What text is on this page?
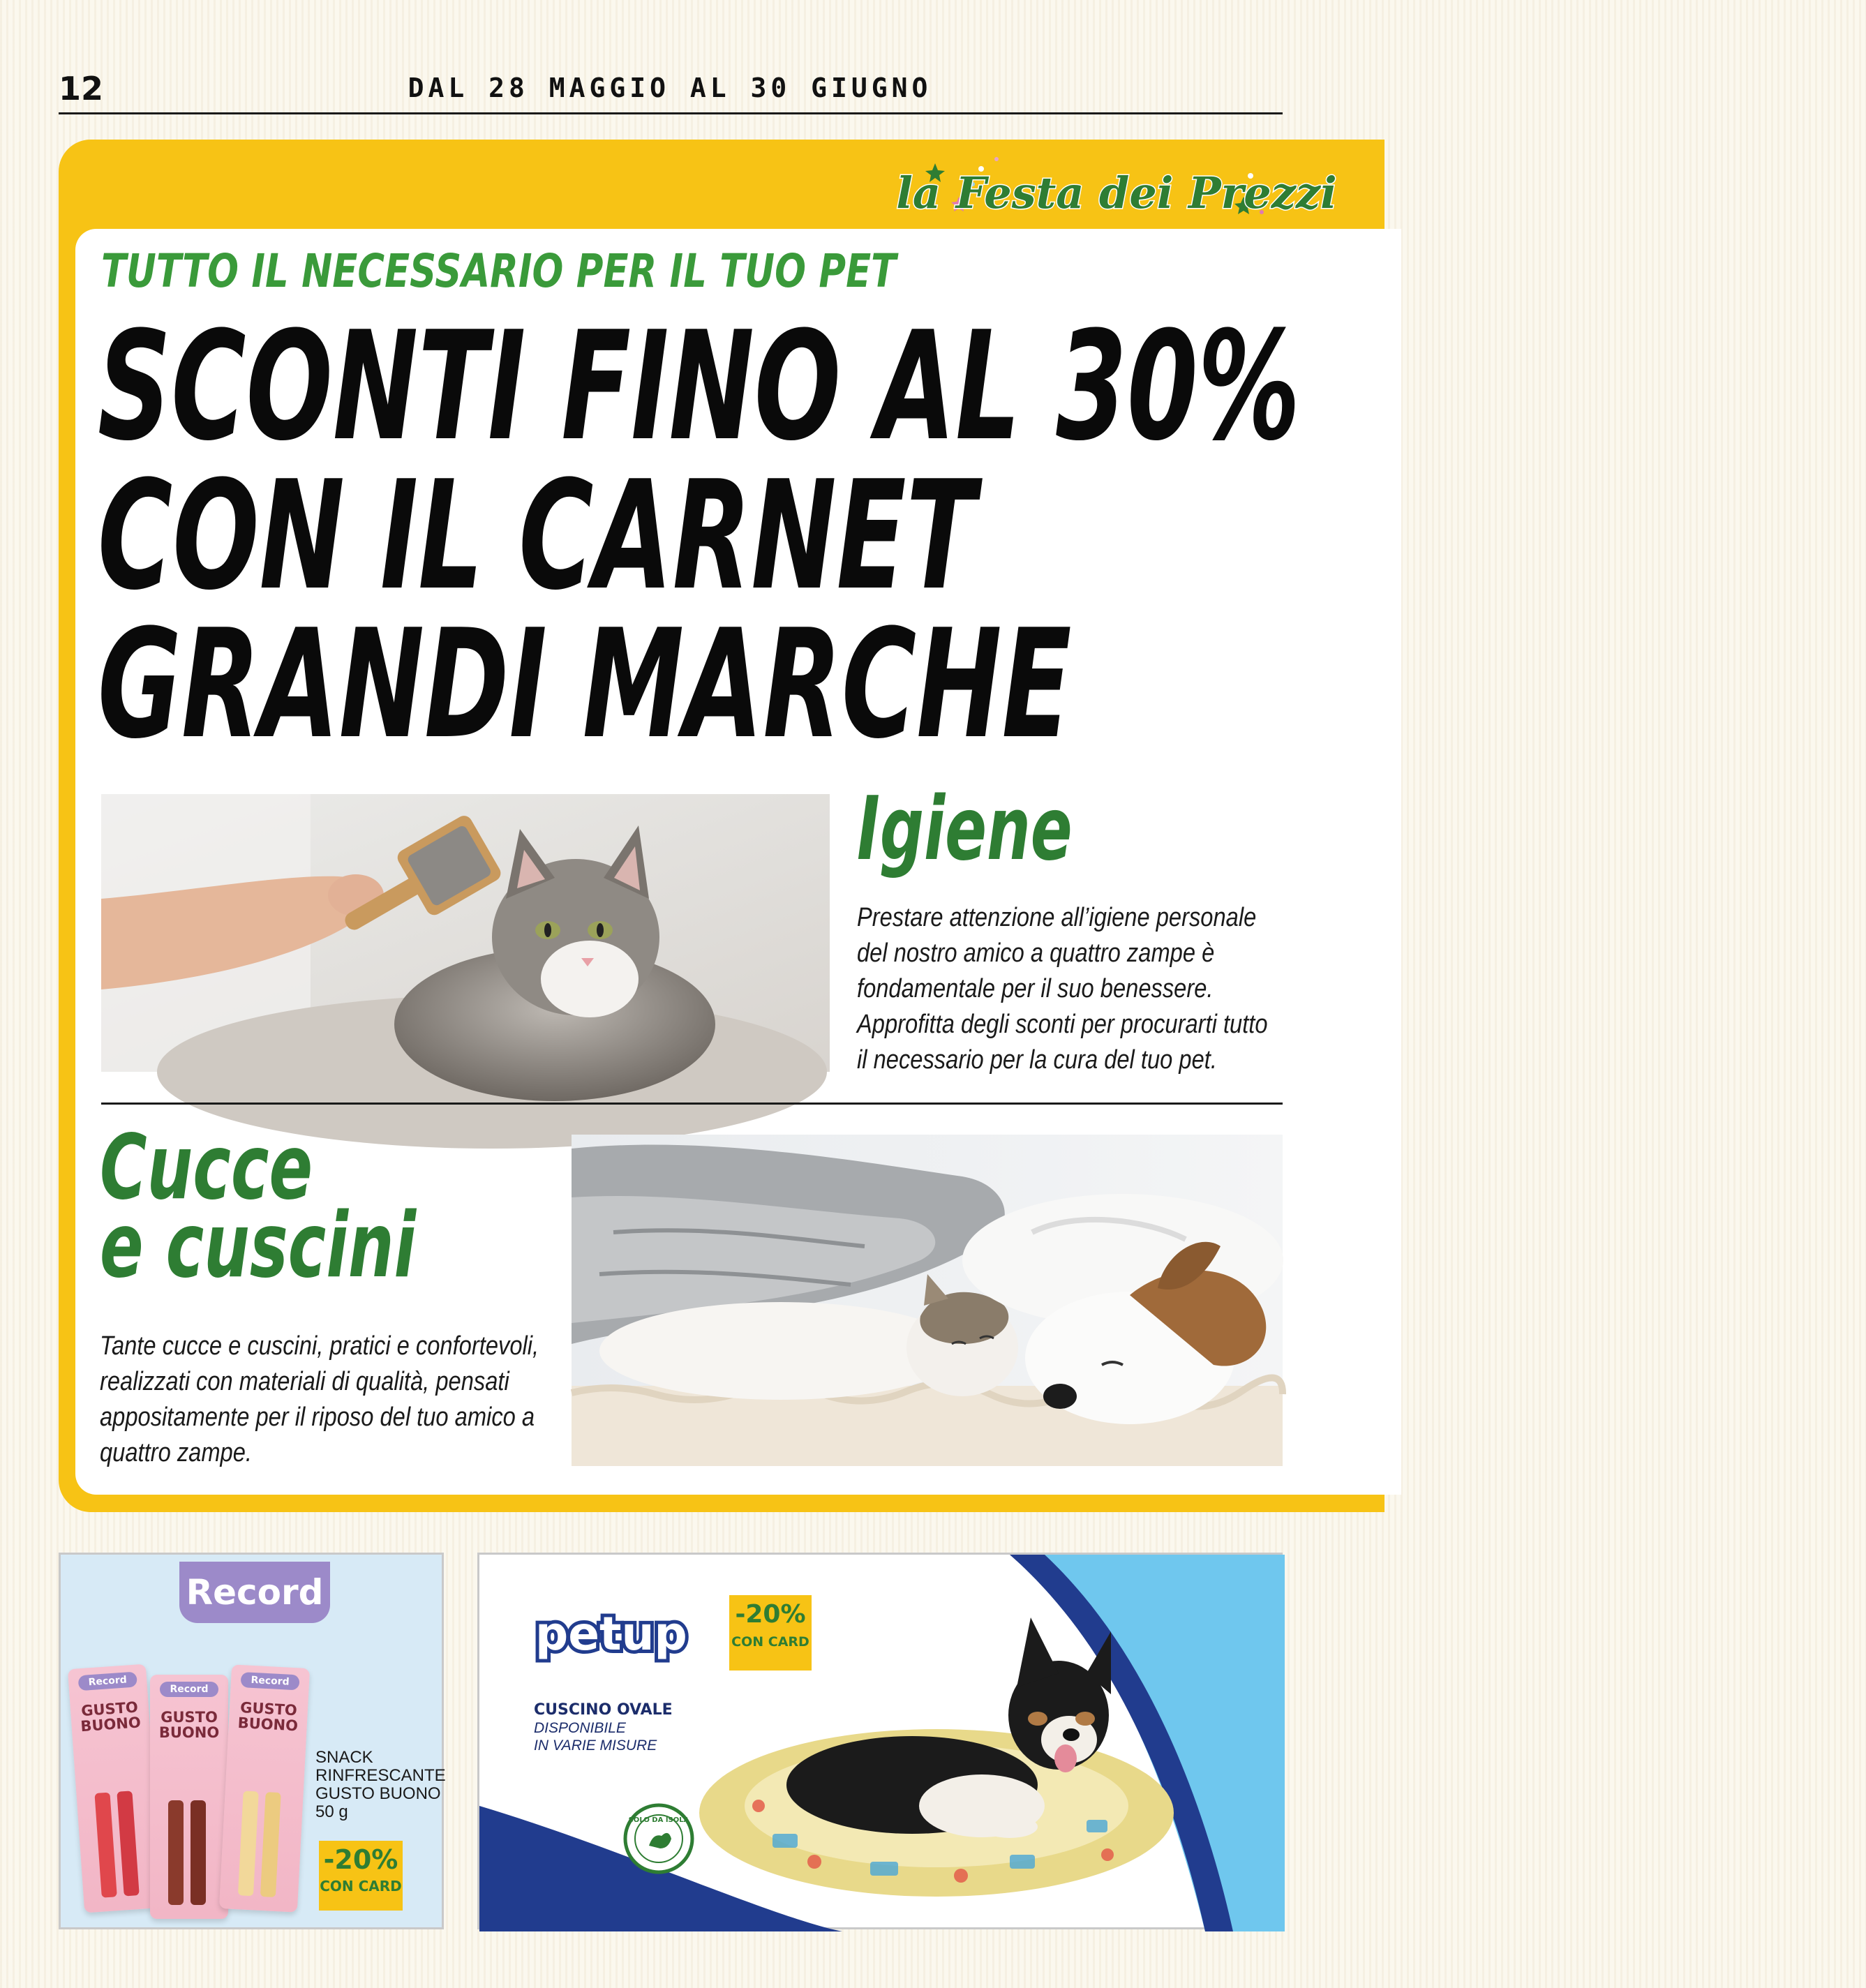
12	DAL 28 MAGGIO AL 30 GIUGNO
la Festa dei Prezzi
TUTTO IL NECESSARIO PER IL TUO PET
SCONTI FINO AL 30%
CON IL CARNET
GRANDI MARCHE
Igiene
Prestare attenzione all’igiene personale
del nostro amico a quattro zampe è
fondamentale per il suo benessere.
Approfitta degli sconti per procurarti tutto
il necessario per la cura del tuo pet.
Cucce
e cuscini
Tante cucce e cuscini, pratici e confortevoli,
realizzati con materiali di qualità, pensati
appositamente per il riposo del tuo amico a
quattro zampe.
Record
Record
GUSTO BUONO
Record
GUSTO BUONO
Record
GUSTO BUONO
SNACK
RINFRESCANTE
GUSTO BUONO
50 g
-20%
CON CARD
petup -20%
CON CARD
CUSCINO OVALE
DISPONIBILE
IN VARIE MISURE
SOLO DA ISOLA
